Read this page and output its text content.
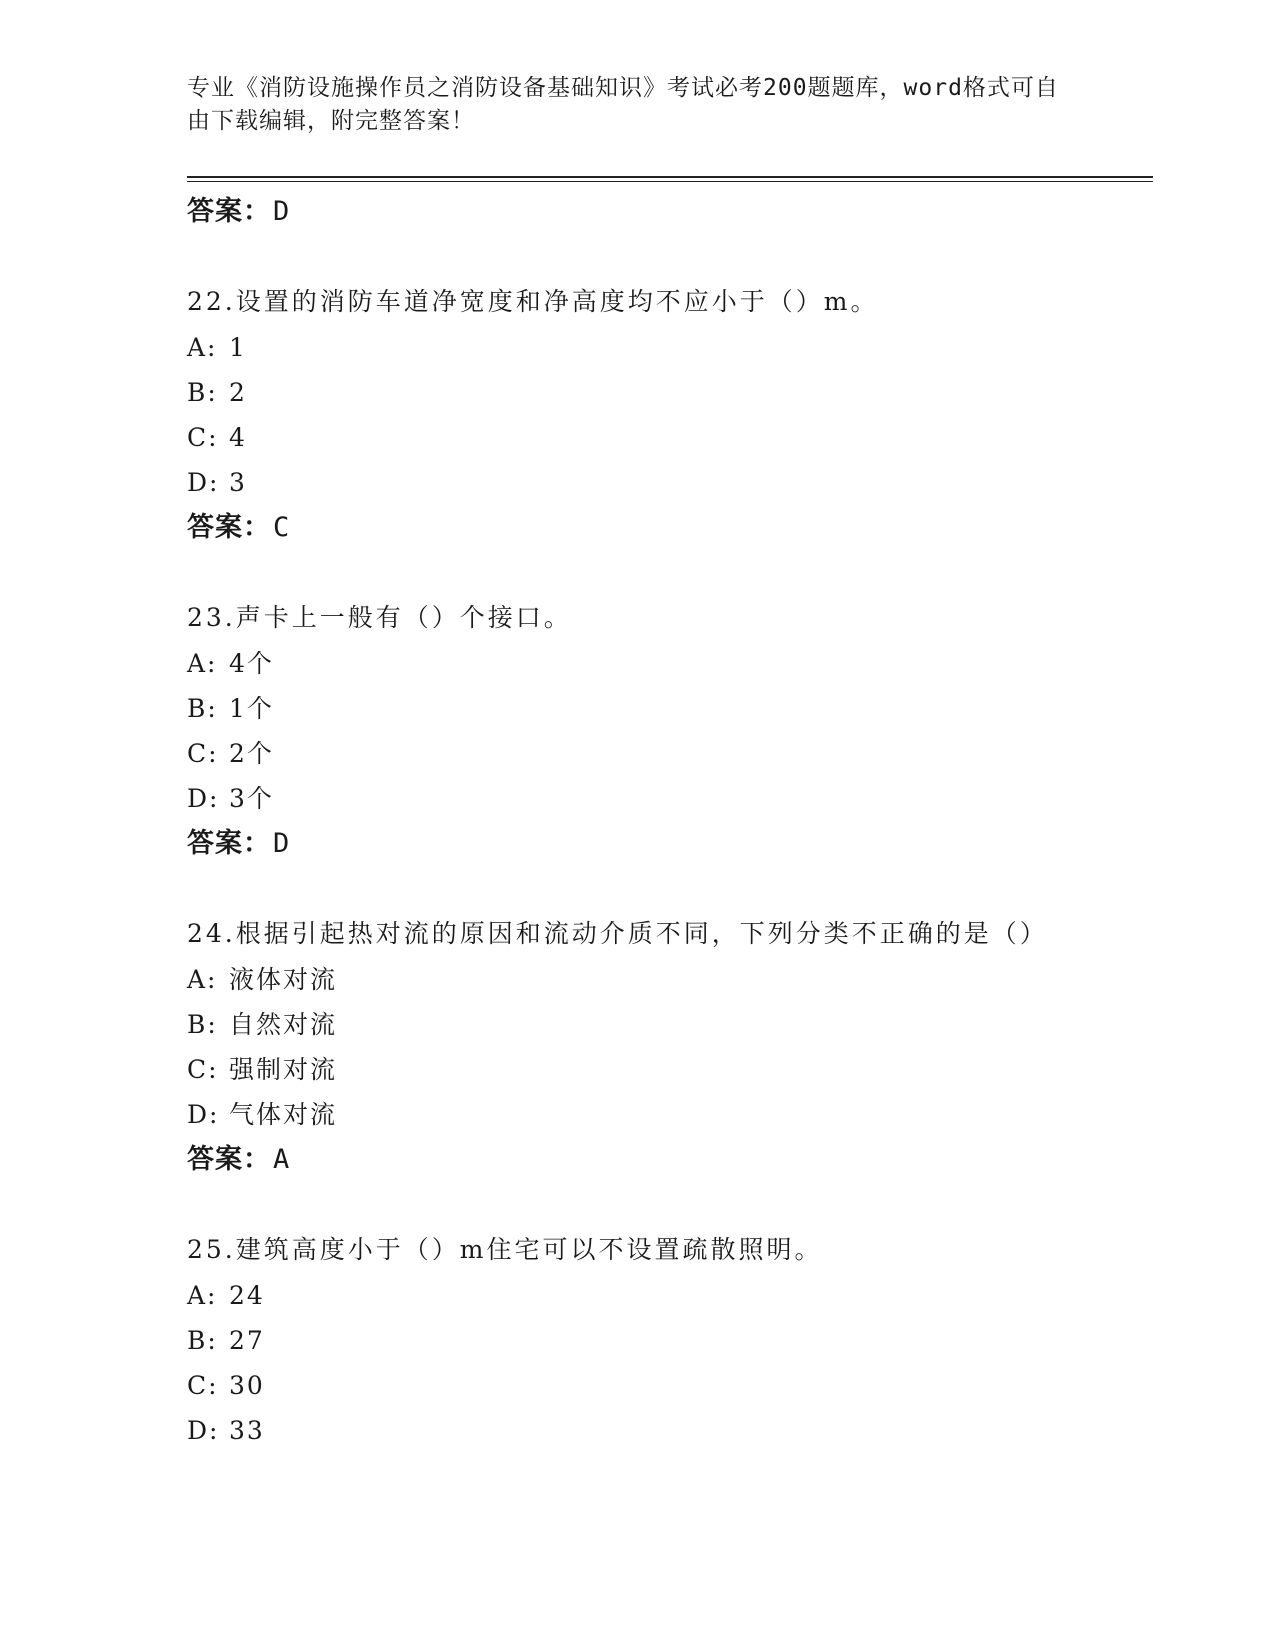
专业《消防设施操作员之消防设备基础知识》考试必考200题题库，word格式可自由下载编辑，附完整答案！

答案：D
22.设置的消防车道净宽度和净高度均不应小于（）m。
A: 1
B: 2
C: 4
D: 3
答案：C
23.声卡上一般有（）个接口。
A: 4个
B: 1个
C: 2个
D: 3个
答案：D
24.根据引起热对流的原因和流动介质不同，下列分类不正确的是（）
A: 液体对流
B: 自然对流
C: 强制对流
D: 气体对流
答案：A
25.建筑高度小于（）m住宅可以不设置疏散照明。
A: 24
B: 27
C: 30
D: 33
